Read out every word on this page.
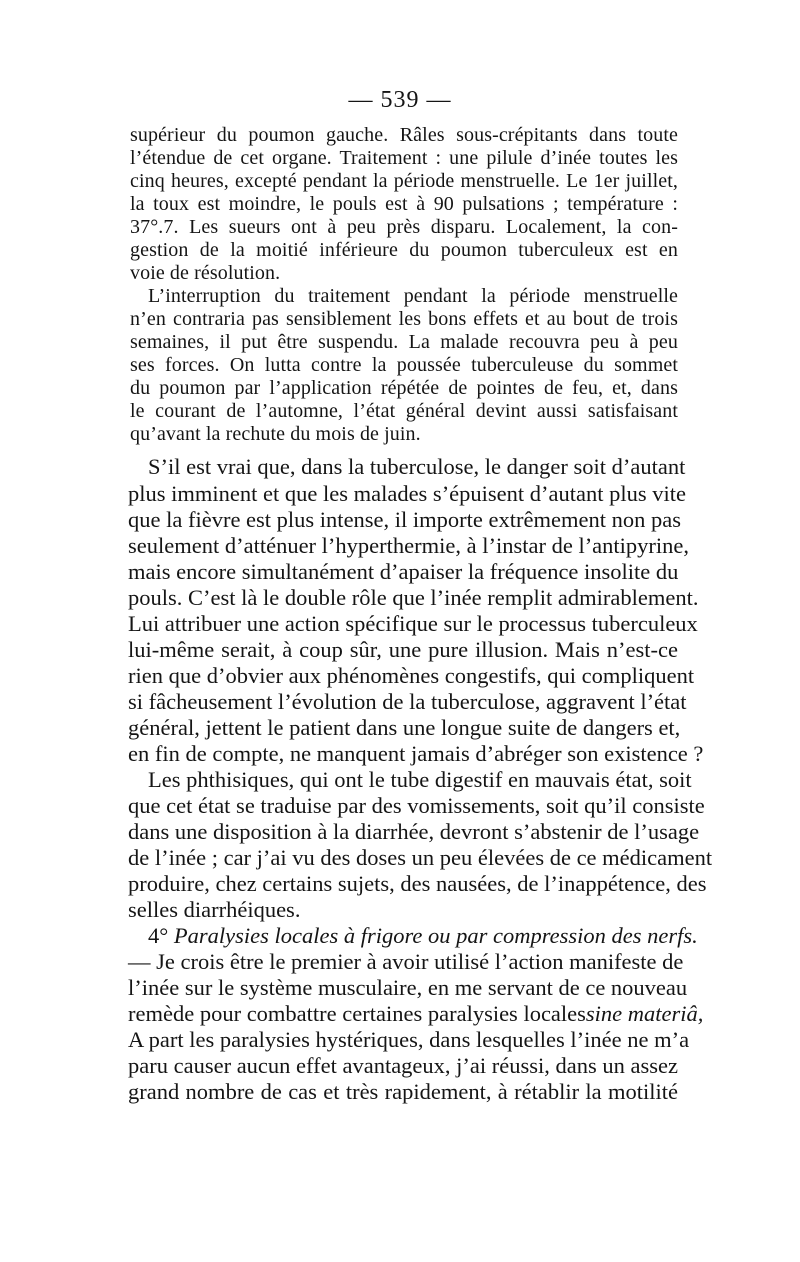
— 539 —

supérieur du poumon gauche. Râles sous-crépitants dans toute

l’étendue de cet organe. Traitement : une pilule d’inée toutes les

cinq heures, excepté pendant la période menstruelle. Le 1er juillet,

la toux est moindre, le pouls est à 90 pulsations ; température :

37°.7. Les sueurs ont à peu près disparu. Localement, la con-

gestion de la moitié inférieure du poumon tuberculeux est en

voie de résolution.

L’interruption du traitement pendant la période menstruelle

n’en contraria pas sensiblement les bons effets et au bout de trois

semaines, il put être suspendu. La malade recouvra peu à peu

ses forces. On lutta contre la poussée tuberculeuse du sommet

du poumon par l’application répétée de pointes de feu, et, dans

le courant de l’automne, l’état général devint aussi satisfaisant

qu’avant la rechute du mois de juin.

S’il est vrai que, dans la tuberculose, le danger soit d’autant

plus imminent et que les malades s’épuisent d’autant plus vite

que la fièvre est plus intense, il importe extrêmement non pas

seulement d’atténuer l’hyperthermie, à l’instar de l’antipyrine,

mais encore simultanément d’apaiser la fréquence insolite du

pouls. C’est là le double rôle que l’inée remplit admirablement.

Lui attribuer une action spécifique sur le processus tuberculeux

lui-même serait, à coup sûr, une pure illusion. Mais n’est-ce

rien que d’obvier aux phénomènes congestifs, qui compliquent

si fâcheusement l’évolution de la tuberculose, aggravent l’état

général, jettent le patient dans une longue suite de dangers et,

en fin de compte, ne manquent jamais d’abréger son existence ?

Les phthisiques, qui ont le tube digestif en mauvais état, soit

que cet état se traduise par des vomissements, soit qu’il consiste

dans une disposition à la diarrhée, devront s’abstenir de l’usage

de l’inée ; car j’ai vu des doses un peu élevées de ce médicament

produire, chez certains sujets, des nausées, de l’inappétence, des

selles diarrhéiques.

4° Paralysies locales à frigore ou par compression des nerfs.

— Je crois être le premier à avoir utilisé l’action manifeste de

l’inée sur le système musculaire, en me servant de ce nouveau

remède pour combattre certaines paralysies locales sine materiâ,

A part les paralysies hystériques, dans lesquelles l’inée ne m’a

paru causer aucun effet avantageux, j’ai réussi, dans un assez

grand nombre de cas et très rapidement, à rétablir la motilité
